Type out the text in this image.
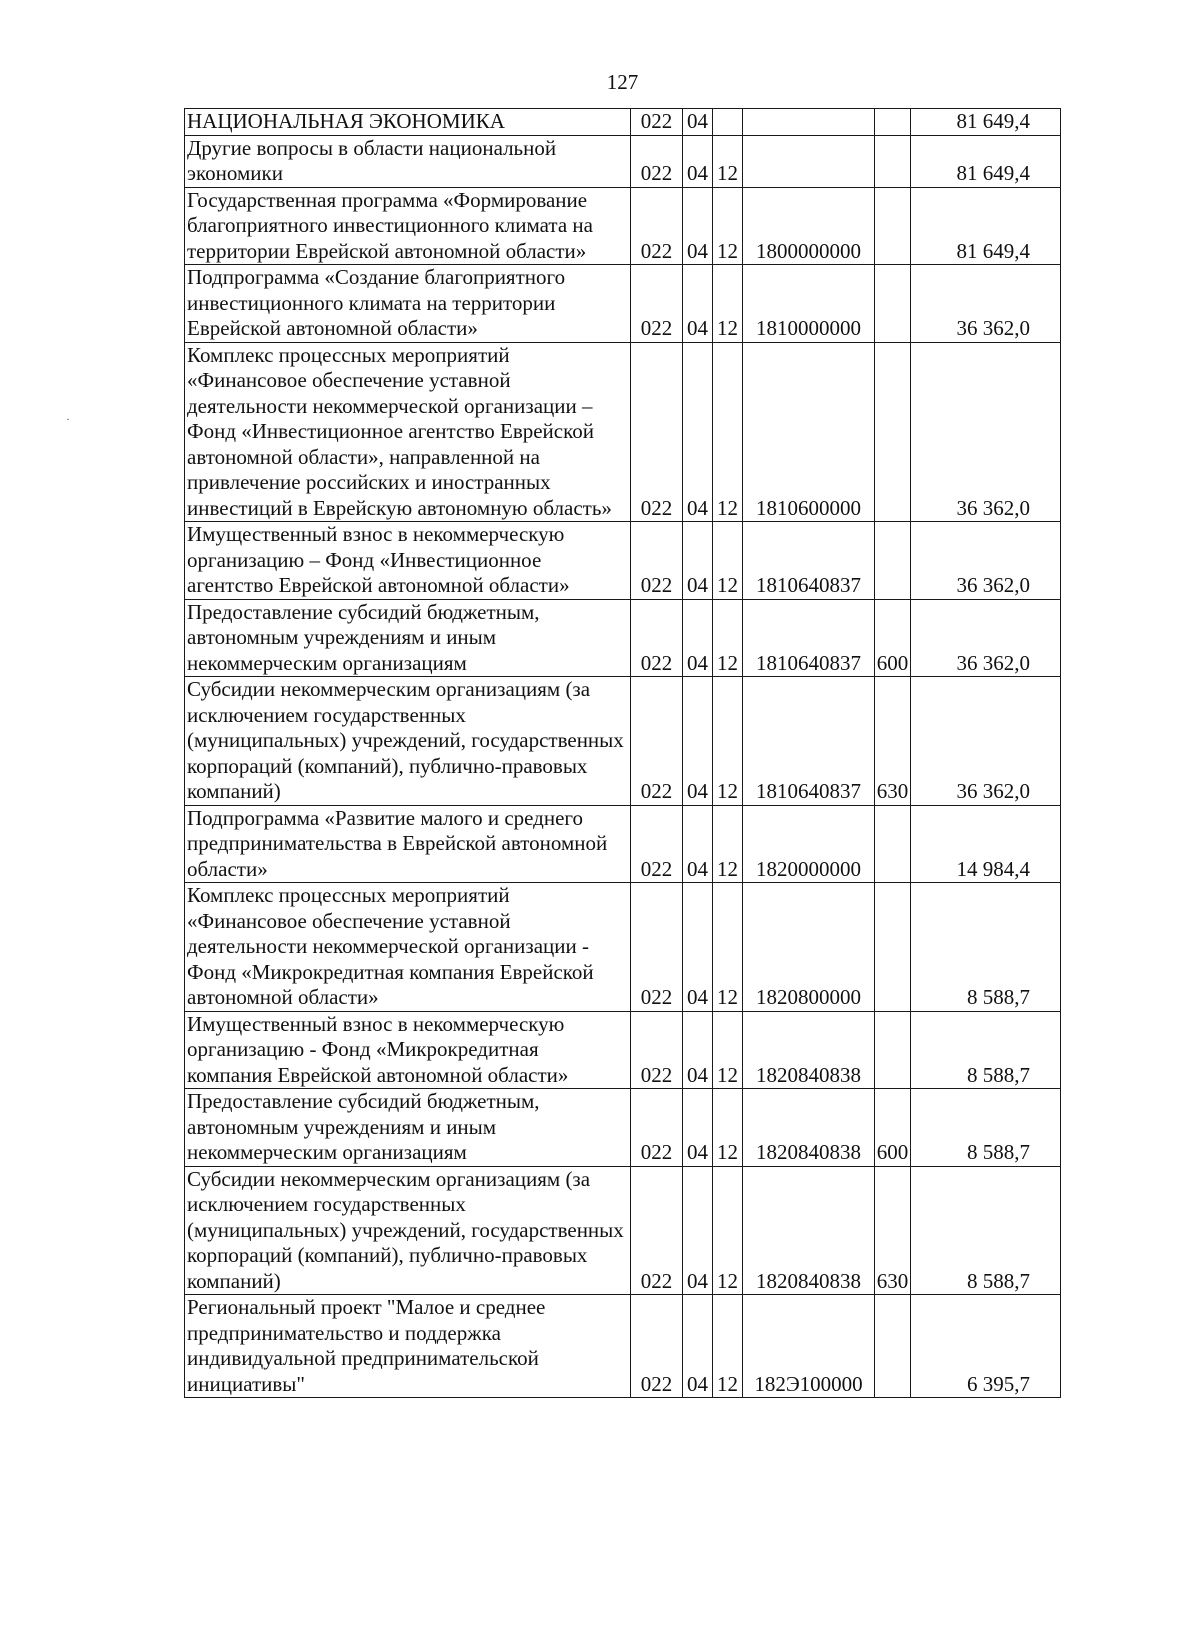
127
·
НАЦИОНАЛЬНАЯ ЭКОНОМИКА	022	04				81 649,4
Другие вопросы в области национальной экономики	022	04	12			81 649,4
Государственная программа «Формирование благоприятного инвестиционного климата на территории Еврейской автономной области»	022	04	12	1800000000		81 649,4
Подпрограмма «Создание благоприятного инвестиционного климата на территории Еврейской автономной области»	022	04	12	1810000000		36 362,0
Комплекс процессных мероприятий «Финансовое обеспечение уставной деятельности некоммерческой организации – Фонд «Инвестиционное агентство Еврейской автономной области», направленной на привлечение российских и иностранных инвестиций в Еврейскую автономную область»	022	04	12	1810600000		36 362,0
Имущественный взнос в некоммерческую организацию – Фонд «Инвестиционное агентство Еврейской автономной области»	022	04	12	1810640837		36 362,0
Предоставление субсидий бюджетным, автономным учреждениям и иным некоммерческим организациям	022	04	12	1810640837	600	36 362,0
Субсидии некоммерческим организациям (за исключением государственных (муниципальных) учреждений, государственных корпораций (компаний), публично-правовых компаний)	022	04	12	1810640837	630	36 362,0
Подпрограмма «Развитие малого и среднего предпринимательства в Еврейской автономной области»	022	04	12	1820000000		14 984,4
Комплекс процессных мероприятий «Финансовое обеспечение уставной деятельности некоммерческой организации - Фонд «Микрокредитная компания Еврейской автономной области»	022	04	12	1820800000		8 588,7
Имущественный взнос в некоммерческую организацию - Фонд «Микрокредитная компания Еврейской автономной области»	022	04	12	1820840838		8 588,7
Предоставление субсидий бюджетным, автономным учреждениям и иным некоммерческим организациям	022	04	12	1820840838	600	8 588,7
Субсидии некоммерческим организациям (за исключением государственных (муниципальных) учреждений, государственных корпораций (компаний), публично-правовых компаний)	022	04	12	1820840838	630	8 588,7
Региональный проект "Малое и среднее предпринимательство и поддержка индивидуальной предпринимательской инициативы"	022	04	12	182Э100000		6 395,7
